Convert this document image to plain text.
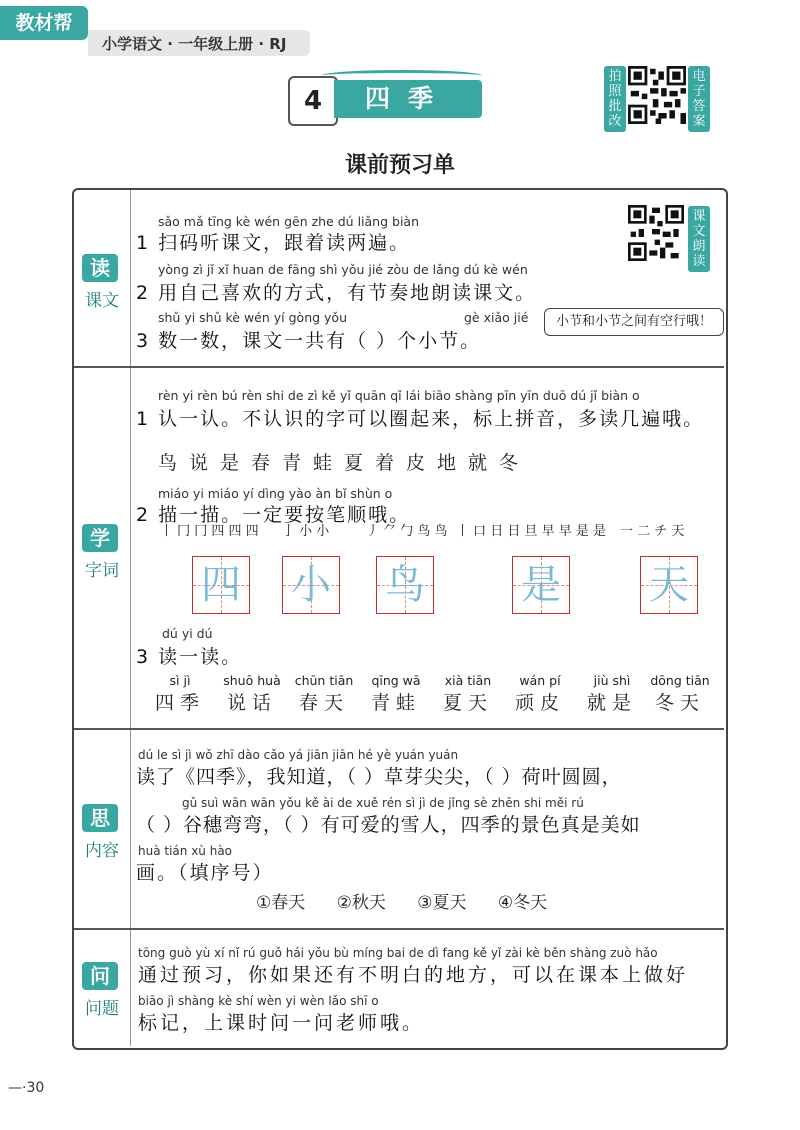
教材帮
小学语文 · 一年级上册 · RJ
4	四季
拍照批改
电子答案
课前预习单
读
课文
sǎo mǎ tīng kè wén gēn zhe dú liǎng biàn
1 扫码听课文，跟着读两遍。
yòng zì jǐ xǐ huan de fāng shì yǒu jié zòu de lǎng dú kè wén
2 用自己喜欢的方式，有节奏地朗读课文。
shǔ yi shǔ kè wén yí gòng yǒu	gè xiǎo jié
3 数一数，课文一共有（ ）个小节。
课文朗读
小节和小节之间有空行哦！
学
字词
rèn yi rèn bú rèn shi de zì kě yǐ quān qǐ lái biāo shàng pīn yīn duō dú jǐ biàn o
1 认一认。不认识的字可以圈起来，标上拼音，多读几遍哦。
鸟说是春青蛙夏着皮地就冬
miáo yi miáo yí dìng yào àn bǐ shùn o
2 描一描。一定要按笔顺哦。
丨 冂 冂 四 四 四 亅 小 小	丿 ⺈ 勹 鸟 鸟 丨 口 日 日 旦 早 早 是 是 一 二 チ 天
四 小 鸟 是 天
dú yi dú
3 读一读。
sì jì
四季
shuō huà
说话
chūn tiān
春天
qīng wā
青蛙
xià tiān
夏天
wán pí
顽皮
jiù shì
就是
dōng tiān
冬天
思
内容
dú le sì jì wǒ zhī dào cǎo yá jiān jiān hé yè yuán yuán
读了《四季》，我知道，（ ）草芽尖尖，（ ）荷叶圆圆，
gǔ suì wān wān yǒu kě ài de xuě rén sì jì de jǐng sè zhēn shi měi rú
（ ）谷穗弯弯，（ ）有可爱的雪人，四季的景色真是美如
huà tián xù hào
画。（填序号）
①春天 ②秋天 ③夏天 ④冬天
问
问题
tōng guò yù xí nǐ rú guǒ hái yǒu bù míng bai de dì fang kě yǐ zài kè běn shàng zuò hǎo
通过预习，你如果还有不明白的地方，可以在课本上做好
biāo jì shàng kè shí wèn yi wèn lǎo shī o
标记，上课时问一问老师哦。
—·30
